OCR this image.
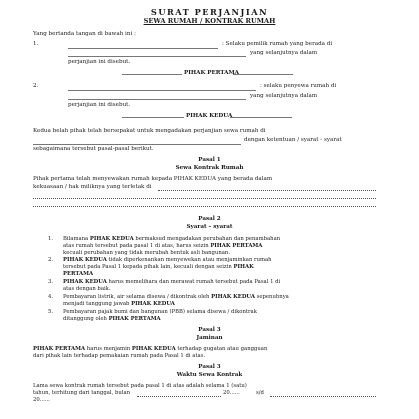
SURAT PERJANJIAN
SEWA RUMAH / KONTRAK RUMAH
Yang bertanda tangan di bawah ini :
1.	: Selaku pemilik rumah yang berada di
yang selanjutnya dalam
perjanjian ini disebut.
PIHAK PERTAMA
2.	: selaku penyewa rumah di
yang selanjutnya dalam
perjanjian ini disebut.
PIHAK KEDUA
Kedua belah pihak telah bersepakat untuk mengadakan perjanjian sewa rumah di
dengan ketentuan / syarat - syarat
sebagaimana tersebut pasal-pasal berikut.
Pasal 1
Sewa Kontrak Rumah
Pihak pertama telah menyewakan rumah kepada PIHAK KEDUA yang berada dalam
kekuasaan / hak miliknya yang terletak di
Pasal 2
Syarat – syarat
1. Bilamana PIHAK KEDUA bermaksud mengadakan perubahan dan penambahan
atas rumah tersebut pada pasal 1 di atas, harus seizin PIHAK PERTAMA
kecuali perubahan yang tidak merubah bentuk asli bangunan.
2. PIHAK KEDUA tidak diperkenankan menyewekan atau menjaminkan rumah
tersebut pada Pasal 1 kepada pihak lain, kecuali dengan seizin PIHAK
PERTAMA
3. PIHAK KEDUA harus memelihara dan merawat rumah tersebut pada Pasal 1 di
atas dengan baik.
4. Pembayaran listrik, air selama disewa / dikontrak oleh PIHAK KEDUA sepenuhnya
menjadi tanggung jawab PIHAK KEDUA
5. Pembayaran pajak bumi dan bangunan (PBB) selama disewa / dikontrak
ditanggung oleh PIHAK PERTAMA
Pasal 3
Jaminan
PIHAK PERTAMA harus menjamin PIHAK KEDUA terhadap gugatan atau gangguan
dari pihak lain terhadap pemakaian rumah pada Pasal 1 di atas.
Pasal 3
Waktu Sewa Kontrak
Lama sewa kontrak rumah tersebut pada pasal 1 di atas adalah selama 1 (satu)
tahun, terhitung dari tanggal, bulan	20......	s/d
20......
